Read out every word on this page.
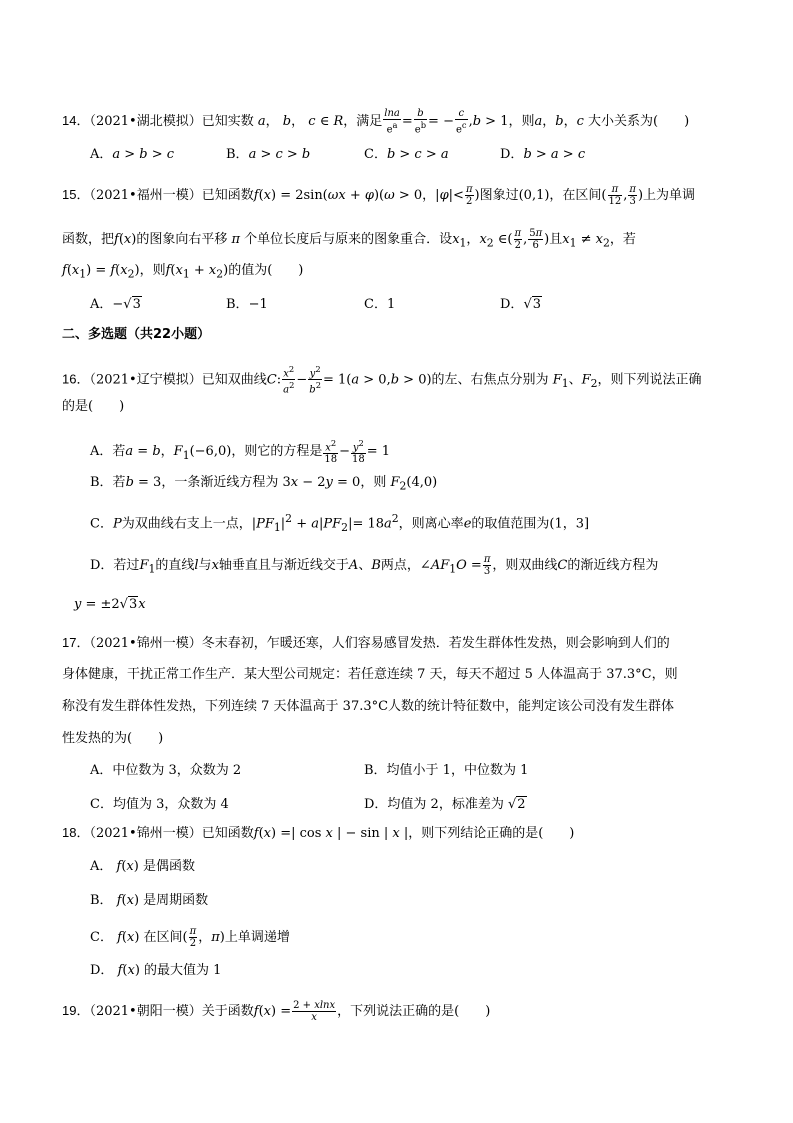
14．（2021•湖北模拟）已知实数 a， b， c ∈ R，满足 $\frac{\ln a}{e^a} = \frac{b}{e^b}$ = − $\frac{c}{e^c} ,b > 1$，则a，b，c 大小关系为(　　)
A．a > b > c	B．a > c > b	C．b > c > a	D．b > a > c
15．（2021•福州一模）已知函数f(x) = 2sin(ωx + φ)(ω > 0，$|\varphi|< \frac{\pi}{2}$ )图象过(0,1)，在区间( $\frac{\pi}{12}$ , $\frac{\pi}{3}$ )上为单调
函数，把f(x)的图象向右平移 π 个单位长度后与原来的图象重合．设$x_1$，$x_2$ ∈( $\frac{\pi}{2}$ , $\frac{5\pi}{6}$ )且$x_1 \ne x_2$，若
$f(x_1) = f(x_2)$，则$f(x_1 + x_2)$的值为(　　)
A．−√3	B．−1	C．1	D．√3
二、多选题（共22小题）
16．（2021•辽宁模拟）已知双曲线C: $\frac{x^2}{a^2} - \frac{y^2}{b^2} = 1(a > 0,b > 0)$的左、右焦点分别为 $F_1$、$F_2$，则下列说法正确
的是(　　)
A．若a = b，$F_1(-6,0)$，则它的方程是 $\frac{x^2}{18} - \frac{y^2}{18} = 1$
B．若b = 3，一条渐近线方程为 3x − 2y = 0，则 $F_2(4,0)$
C．P为双曲线右支上一点，$|PF_1|^2 + a|PF_2|= 18a^2$，则离心率e的取值范围为(1，3]
D．若过$F_1$的直线l与x轴垂直且与渐近线交于A、B两点，$\angle AF_1O = \frac{\pi}{3}$ ，则双曲线C的渐近线方程为
y = ±2√3x
17．（2021•锦州一模）冬末春初，乍暖还寒，人们容易感冒发热．若发生群体性发热，则会影响到人们的
身体健康，干扰正常工作生产．某大型公司规定：若任意连续 7 天，每天不超过 5 人体温高于 37.3°C，则
称没有发生群体性发热，下列连续 7 天体温高于 37.3°C人数的统计特征数中，能判定该公司没有发生群体
性发热的为(　　)
A．中位数为 3，众数为 2	B．均值小于 1，中位数为 1
C．均值为 3，众数为 4	D．均值为 2，标准差为 √2
18．（2021•锦州一模）已知函数f(x) =| cos x | − sin | x |，则下列结论正确的是(　　)
A． f(x) 是偶函数
B． f(x) 是周期函数
C． f(x) 在区间( $\frac{\pi}{2}$ ，π)上单调递增
D． f(x) 的最大值为 1
19．（2021•朝阳一模）关于函数$f(x) = \frac{2 + xlnx}{x}$ ，下列说法正确的是(　　)
